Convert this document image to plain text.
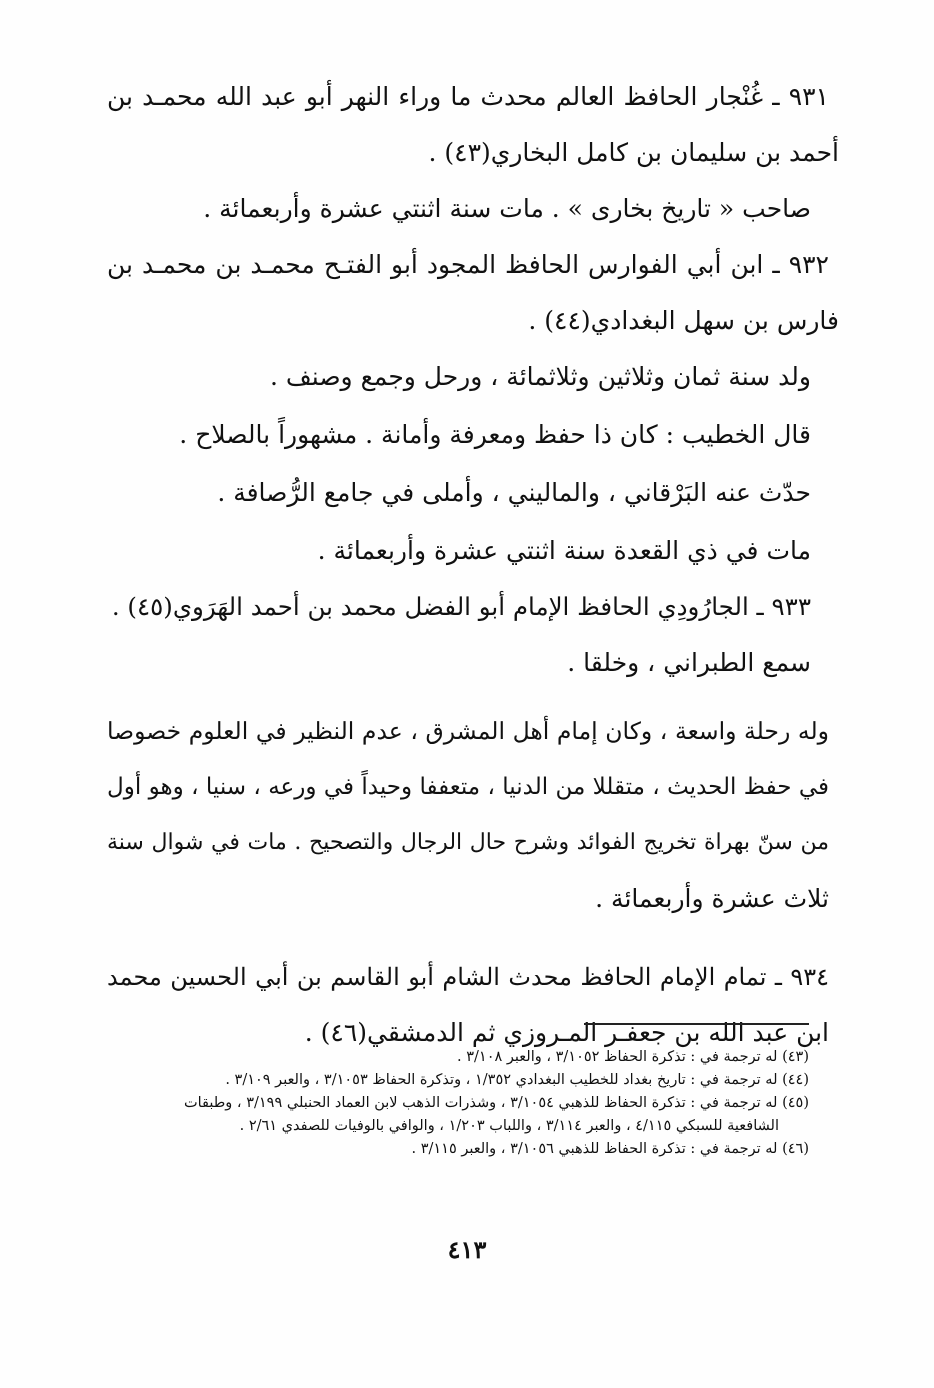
٩٣١ ـ غُنْجار الحافظ العالم محدث ما وراء النهر أبو عبد الله محمـد بن
أحمد بن سليمان بن كامل البخاري(٤٣) .
صاحب « تاريخ بخارى » . مات سنة اثنتي عشرة وأربعمائة .
٩٣٢ ـ ابن أبي الفوارس الحافظ المجود أبو الفتـح محمـد بن محمـد بن
فارس بن سهل البغدادي(٤٤) .
ولد سنة ثمان وثلاثين وثلاثمائة ، ورحل وجمع وصنف .
قال الخطيب : كان ذا حفظ ومعرفة وأمانة . مشهوراً بالصلاح .
حدّث عنه البَرْقاني ، والماليني ، وأملى في جامع الرُّصافة .
مات في ذي القعدة سنة اثنتي عشرة وأربعمائة .
٩٣٣ ـ الجارُودِي الحافظ الإمام أبو الفضل محمد بن أحمد الهَرَوي(٤٥) .
سمع الطبراني ، وخلقا .
وله رحلة واسعة ، وكان إمام أهل المشرق ، عدم النظير في العلوم خصوصا
في حفظ الحديث ، متقللا من الدنيا ، متعففا وحيداً في ورعه ، سنيا ، وهو أول
من سنّ بهراة تخريج الفوائد وشرح حال الرجال والتصحيح . مات في شوال سنة
ثلاث عشرة وأربعمائة .
٩٣٤ ـ تمام الإمام الحافظ محدث الشام أبو القاسم بن أبي الحسين محمد
ابن عبد الله بن جعفـر المـروزي ثم الدمشقي(٤٦) .
(٤٣) له ترجمة في : تذكرة الحفاظ ٣/١٠٥٢ ، والعبر ٣/١٠٨ .
(٤٤) له ترجمة في : تاريخ بغداد للخطيب البغدادي ١/٣٥٢ ، وتذكرة الحفاظ ٣/١٠٥٣ ، والعبر ٣/١٠٩ .
(٤٥) له ترجمة في : تذكرة الحفاظ للذهبي ٣/١٠٥٤ ، وشذرات الذهب لابن العماد الحنبلي ٣/١٩٩ ، وطبقات
الشافعية للسبكي ٤/١١٥ ، والعبر ٣/١١٤ ، واللباب ١/٢٠٣ ، والوافي بالوفيات للصفدي ٢/٦١ .
(٤٦) له ترجمة في : تذكرة الحفاظ للذهبي ٣/١٠٥٦ ، والعبر ٣/١١٥ .
٤١٣
